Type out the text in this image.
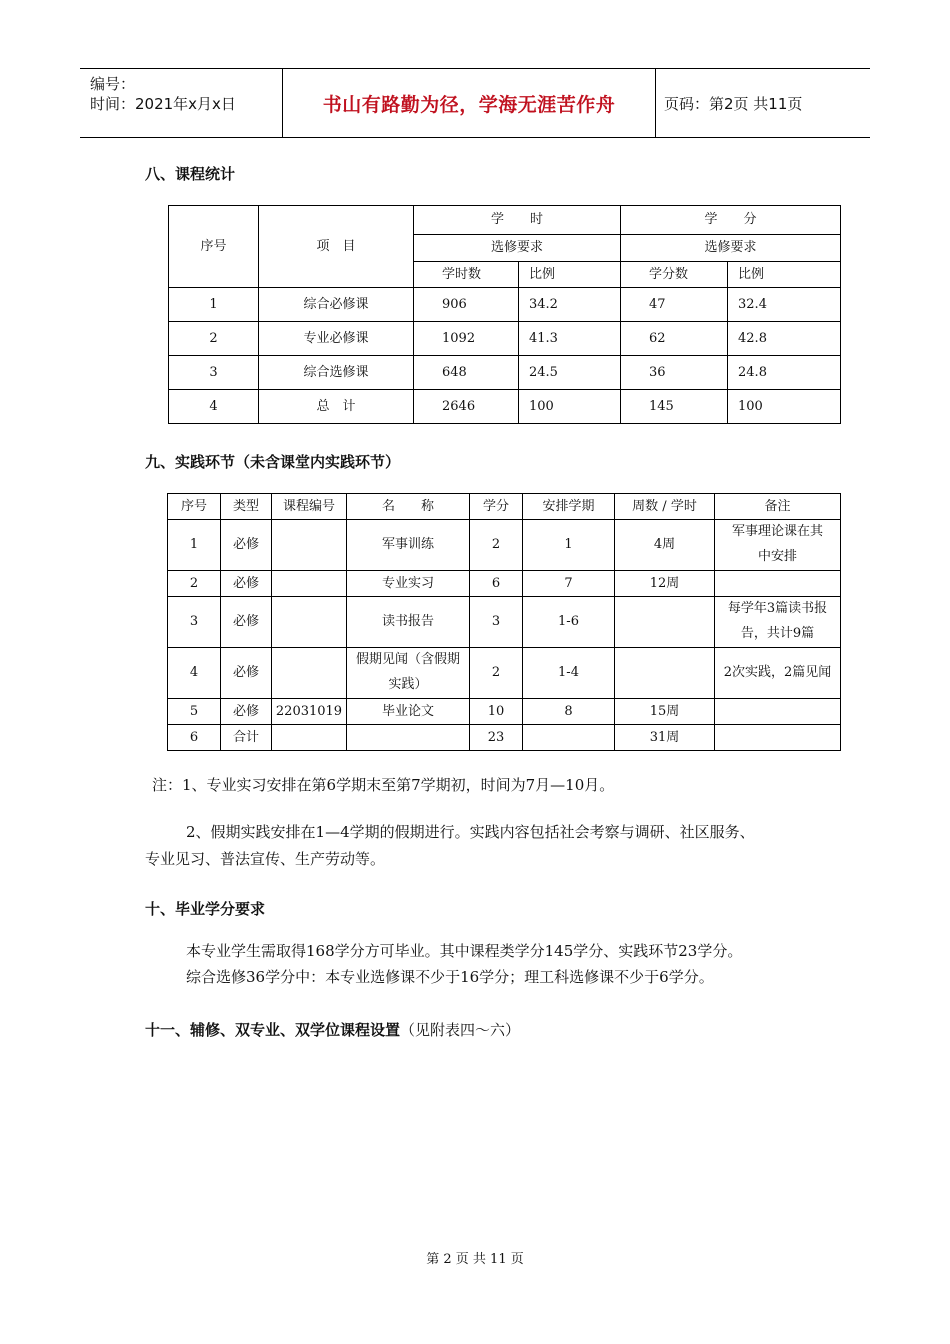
编号：
时间：2021年x月x日	书山有路勤为径，学海无涯苦作舟	页码：第2页 共11页
八、课程统计
序号	项　目	学　　时		学　　分	
		选修要求		选修要求	
		学时数	比例	学分数	比例
1	综合必修课	906	34.2	47	32.4
2	专业必修课	1092	41.3	62	42.8
3	综合选修课	648	24.5	36	24.8
4	总　计	2646	100	145	100
九、实践环节（未含课堂内实践环节）
序号	类型	课程编号	名　　称	学分	安排学期	周数 / 学时	备注
1	必修		军事训练	2	1	4周	军事理论课在其中安排
2	必修		专业实习	6	7	12周	
3	必修		读书报告	3	1-6		每学年3篇读书报告，共计9篇
4	必修		假期见闻（含假期实践）	2	1-4		2次实践，2篇见闻
5	必修	22031019	毕业论文	10	8	15周	
6	合计			23		31周	
注：1、专业实习安排在第6学期末至第7学期初，时间为7月—10月。
2、假期实践安排在1—4学期的假期进行。实践内容包括社会考察与调研、社区服务、
专业见习、普法宣传、生产劳动等。
十、毕业学分要求
本专业学生需取得168学分方可毕业。其中课程类学分145学分、实践环节23学分。
综合选修36学分中：本专业选修课不少于16学分；理工科选修课不少于6学分。
十一、辅修、双专业、双学位课程设置（见附表四～六）
第 2 页 共 11 页
